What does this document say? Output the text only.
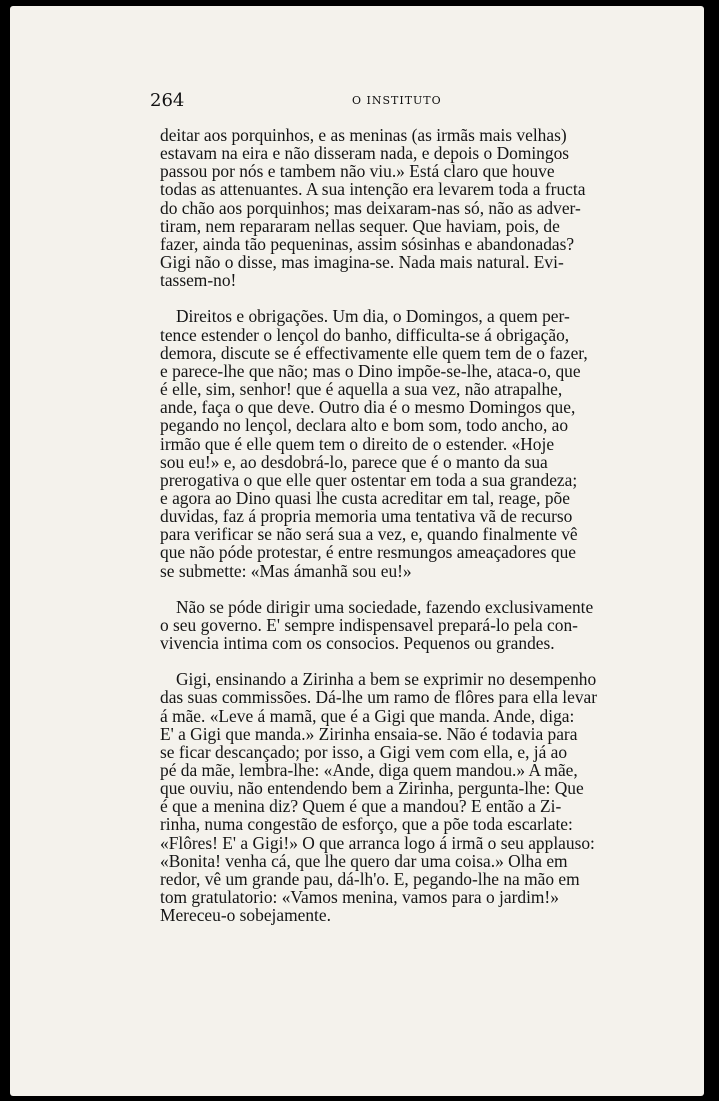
264	O INSTITUTO

deitar aos porquinhos, e as meninas (as irmãs mais velhas)
estavam na eira e não disseram nada, e depois o Domingos
passou por nós e tambem não viu.» Está claro que houve
todas as attenuantes. A sua intenção era levarem toda a fructa
do chão aos porquinhos; mas deixaram-nas só, não as adver-
tiram, nem repararam nellas sequer. Que haviam, pois, de
fazer, ainda tão pequeninas, assim sósinhas e abandonadas?
Gigi não o disse, mas imagina-se. Nada mais natural. Evi-
tassem-no!

Direitos e obrigações. Um dia, o Domingos, a quem per-
tence estender o lençol do banho, difficulta-se á obrigação,
demora, discute se é effectivamente elle quem tem de o fazer,
e parece-lhe que não; mas o Dino impõe-se-lhe, ataca-o, que
é elle, sim, senhor! que é aquella a sua vez, não atrapalhe,
ande, faça o que deve. Outro dia é o mesmo Domingos que,
pegando no lençol, declara alto e bom som, todo ancho, ao
irmão que é elle quem tem o direito de o estender. «Hoje
sou eu!» e, ao desdobrá-lo, parece que é o manto da sua
prerogativa o que elle quer ostentar em toda a sua grandeza;
e agora ao Dino quasi lhe custa acreditar em tal, reage, põe
duvidas, faz á propria memoria uma tentativa vã de recurso
para verificar se não será sua a vez, e, quando finalmente vê
que não póde protestar, é entre resmungos ameaçadores que
se submette: «Mas ámanhã sou eu!»

Não se póde dirigir uma sociedade, fazendo exclusivamente
o seu governo. E' sempre indispensavel prepará-lo pela con-
vivencia intima com os consocios. Pequenos ou grandes.

Gigi, ensinando a Zirinha a bem se exprimir no desempenho
das suas commissões. Dá-lhe um ramo de flôres para ella levar
á mãe. «Leve á mamã, que é a Gigi que manda. Ande, diga:
E' a Gigi que manda.» Zirinha ensaia-se. Não é todavia para
se ficar descançado; por isso, a Gigi vem com ella, e, já ao
pé da mãe, lembra-lhe: «Ande, diga quem mandou.» A mãe,
que ouviu, não entendendo bem a Zirinha, pergunta-lhe: Que
é que a menina diz? Quem é que a mandou? E então a Zi-
rinha, numa congestão de esforço, que a põe toda escarlate:
«Flôres! E' a Gigi!» O que arranca logo á irmã o seu applauso:
«Bonita! venha cá, que lhe quero dar uma coisa.» Olha em
redor, vê um grande pau, dá-lh'o. E, pegando-lhe na mão em
tom gratulatorio: «Vamos menina, vamos para o jardim!»
Mereceu-o sobejamente.
